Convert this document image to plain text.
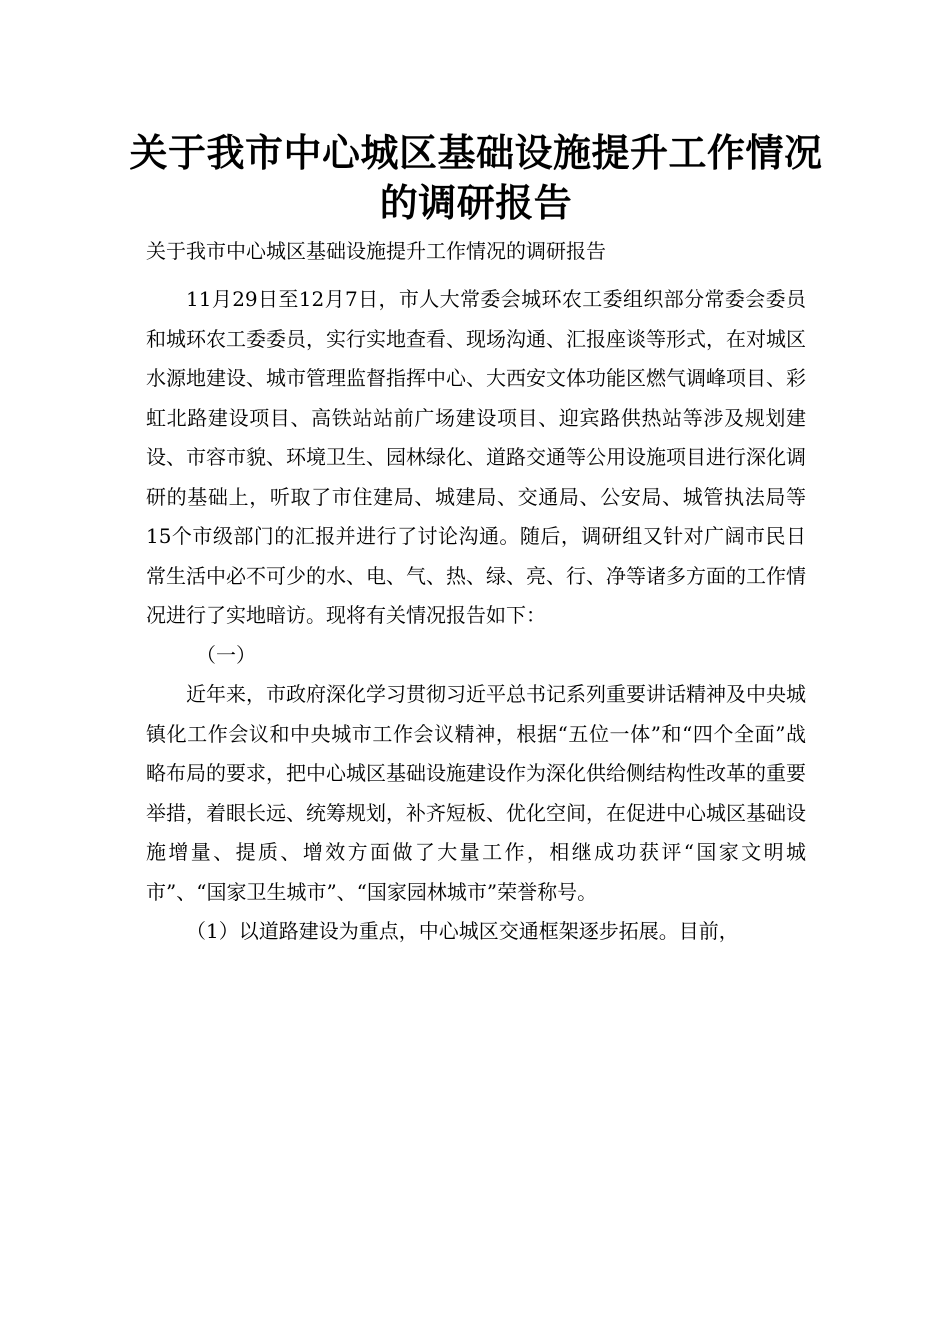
关于我市中心城区基础设施提升工作情况的调研报告

关于我市中心城区基础设施提升工作情况的调研报告

11月29日至12月7日，市人大常委会城环农工委组织部分常委会委员和城环农工委委员，实行实地查看、现场沟通、汇报座谈等形式，在对城区水源地建设、城市管理监督指挥中心、大西安文体功能区燃气调峰项目、彩虹北路建设项目、高铁站站前广场建设项目、迎宾路供热站等涉及规划建设、市容市貌、环境卫生、园林绿化、道路交通等公用设施项目进行深化调研的基础上，听取了市住建局、城建局、交通局、公安局、城管执法局等15个市级部门的汇报并进行了讨论沟通。随后，调研组又针对广阔市民日常生活中必不可少的水、电、气、热、绿、亮、行、净等诸多方面的工作情况进行了实地暗访。现将有关情况报告如下：

（一）

近年来，市政府深化学习贯彻习近平总书记系列重要讲话精神及中央城镇化工作会议和中央城市工作会议精神，根据“五位一体”和“四个全面”战略布局的要求，把中心城区基础设施建设作为深化供给侧结构性改革的重要举措，着眼长远、统筹规划，补齐短板、优化空间，在促进中心城区基础设施增量、提质、增效方面做了大量工作，相继成功获评“国家文明城市”、“国家卫生城市”、“国家园林城市”荣誉称号。

（1）以道路建设为重点，中心城区交通框架逐步拓展。目前，
